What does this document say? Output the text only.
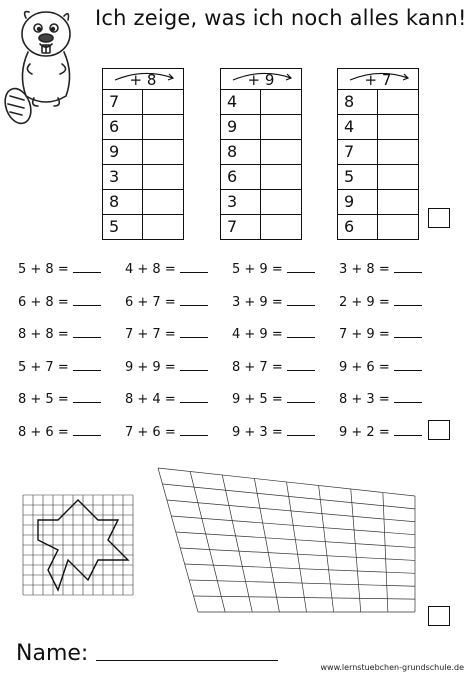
Ich zeige, was ich noch alles kann!
+ 8
7
6
9
3
8
5
+ 9
4
9
8
6
3
7
+ 7
8
4
7
5
9
6
5 + 8 =	4 + 8 =	5 + 9 =	3 + 8 =
6 + 8 =	6 + 7 =	3 + 9 =	2 + 9 =
8 + 8 =	7 + 7 =	4 + 9 =	7 + 9 =
5 + 7 =	9 + 9 =	8 + 7 =	9 + 6 =
8 + 5 =	8 + 4 =	9 + 5 =	8 + 3 =
8 + 6 =	7 + 6 =	9 + 3 =	9 + 2 =
Name:
www.lernstuebchen-grundschule.de
